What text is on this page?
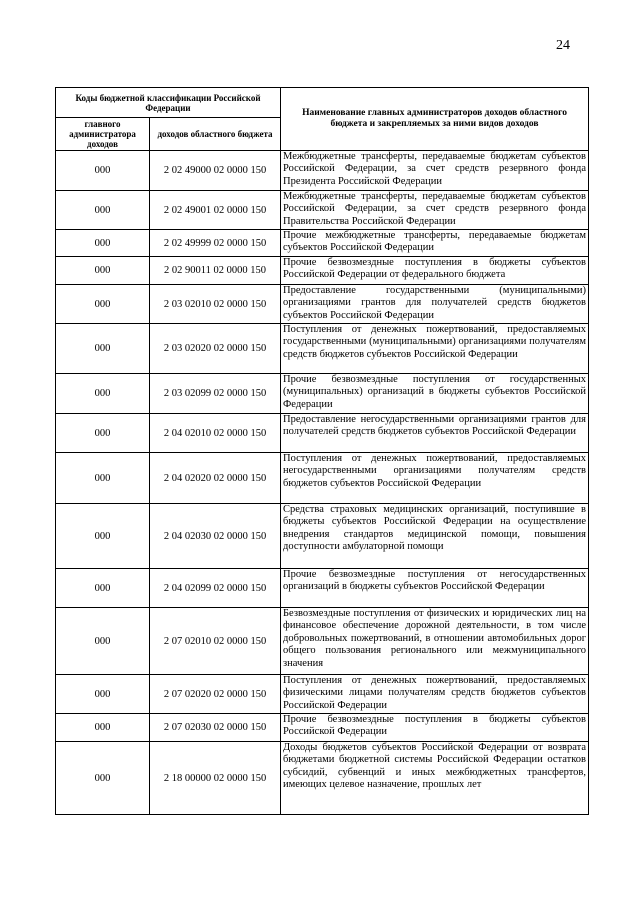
24
Коды бюджетной классификации Российской Федерации		Наименование главных администраторов доходов областного бюджета и закрепляемых за ними видов доходов
главного администратора доходов	доходов областного бюджета	
000	2 02 49000 02 0000 150	Межбюджетные трансферты, передаваемые бюджетам субъектов Российской Федерации, за счет средств резервного фонда Президента Российской Федерации
000	2 02 49001 02 0000 150	Межбюджетные трансферты, передаваемые бюджетам субъектов Российской Федерации, за счет средств резервного фонда Правительства Российской Федерации
000	2 02 49999 02 0000 150	Прочие межбюджетные трансферты, передаваемые бюджетам субъектов Российской Федерации
000	2 02 90011 02 0000 150	Прочие безвозмездные поступления в бюджеты субъектов Российской Федерации от федерального бюджета
000	2 03 02010 02 0000 150	Предоставление государственными (муниципальными) организациями грантов для получателей средств бюджетов субъектов Российской Федерации
000	2 03 02020 02 0000 150	Поступления от денежных пожертвований, предоставляемых государственными (муниципальными) организациями получателям средств бюджетов субъектов Российской Федерации
000	2 03 02099 02 0000 150	Прочие безвозмездные поступления от государственных (муниципальных) организаций в бюджеты субъектов Российской Федерации
000	2 04 02010 02 0000 150	Предоставление негосударственными организациями грантов для получателей средств бюджетов субъектов Российской Федерации
000	2 04 02020 02 0000 150	Поступления от денежных пожертвований, предоставляемых негосударственными организациями получателям средств бюджетов субъектов Российской Федерации
000	2 04 02030 02 0000 150	Средства страховых медицинских организаций, поступившие в бюджеты субъектов Российской Федерации на осуществление внедрения стандартов медицинской помощи, повышения доступности амбулаторной помощи
000	2 04 02099 02 0000 150	Прочие безвозмездные поступления от негосударственных организаций в бюджеты субъектов Российской Федерации
000	2 07 02010 02 0000 150	Безвозмездные поступления от физических и юридических лиц на финансовое обеспечение дорожной деятельности, в том числе добровольных пожертвований, в отношении автомобильных дорог общего пользования регионального или межмуниципального значения
000	2 07 02020 02 0000 150	Поступления от денежных пожертвований, предоставляемых физическими лицами получателям средств бюджетов субъектов Российской Федерации
000	2 07 02030 02 0000 150	Прочие безвозмездные поступления в бюджеты субъектов Российской Федерации
000	2 18 00000 02 0000 150	Доходы бюджетов субъектов Российской Федерации от возврата бюджетами бюджетной системы Российской Федерации остатков субсидий, субвенций и иных межбюджетных трансфертов, имеющих целевое назначение, прошлых лет
